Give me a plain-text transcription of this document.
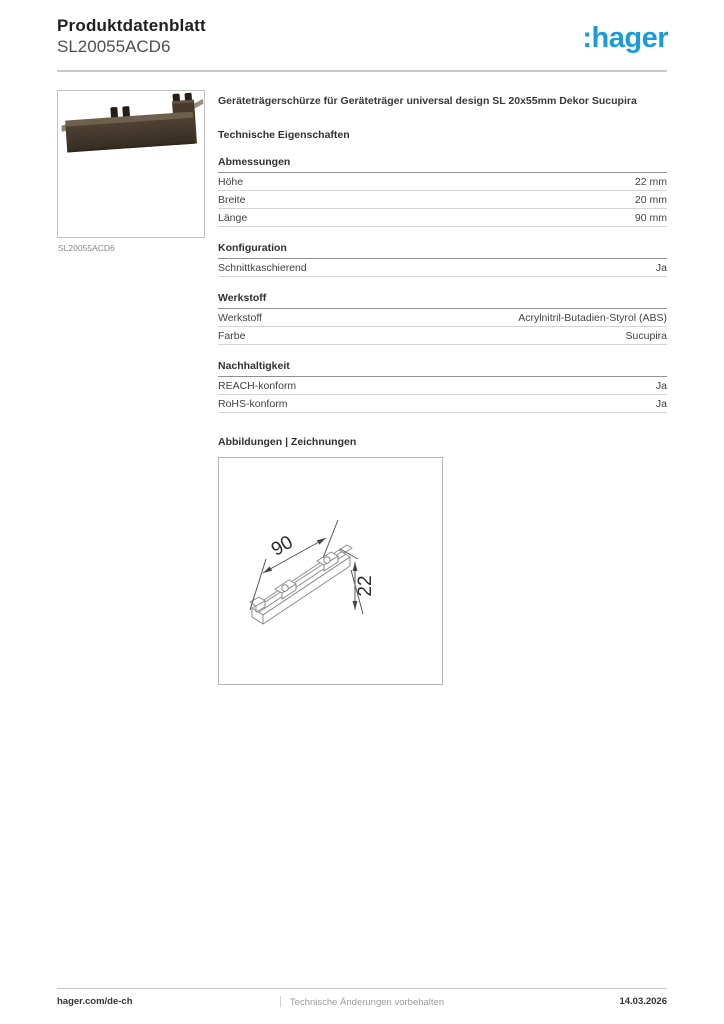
Produktdatenblatt
SL20055ACD6	:hager
SL20055ACD6
Geräteträgerschürze für Geräteträger universal design SL 20x55mm Dekor Sucupira
Technische Eigenschaften
Abmessungen
Höhe	22 mm
Breite	20 mm
Länge	90 mm
Konfiguration
Schnittkaschierend	Ja
Werkstoff
Werkstoff	Acrylnitril-Butadien-Styrol (ABS)
Farbe	Sucupira
Nachhaltigkeit
REACH-konform	Ja
RoHS-konform	Ja
Abbildungen | Zeichnungen
90
22
Technische Änderungen vorbehalten
hager.com/de-ch	14.03.2026
